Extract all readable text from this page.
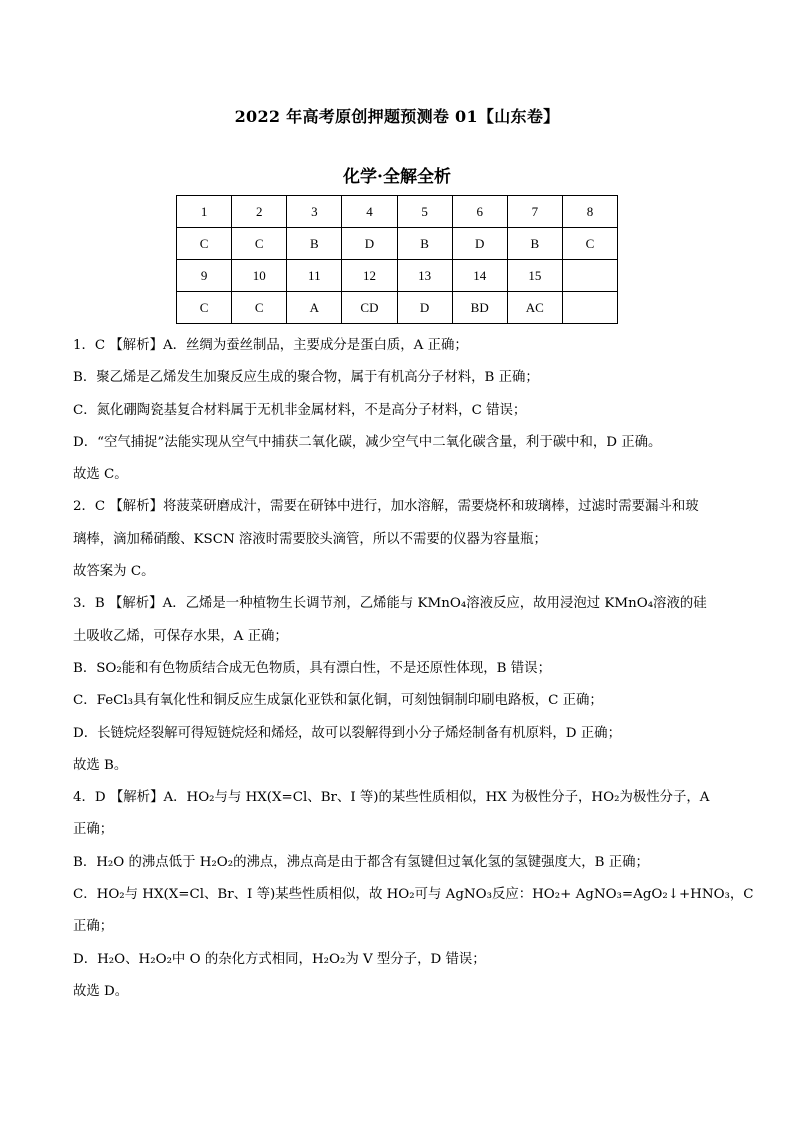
2022 年高考原创押题预测卷 01【山东卷】
化学·全解全析
1	2	3	4	5	6	7	8
C	C	B	D	B	D	B	C
9	10	11	12	13	14	15	
C	C	A	CD	D	BD	AC	

1．C 【解析】A．丝绸为蚕丝制品，主要成分是蛋白质，A 正确；

B．聚乙烯是乙烯发生加聚反应生成的聚合物，属于有机高分子材料，B 正确；

C．氮化硼陶瓷基复合材料属于无机非金属材料，不是高分子材料，C 错误；

D．“空气捕捉”法能实现从空气中捕获二氧化碳，减少空气中二氧化碳含量，利于碳中和，D 正确。

故选 C。

2．C 【解析】将菠菜研磨成汁，需要在研钵中进行，加水溶解，需要烧杯和玻璃棒，过滤时需要漏斗和玻

璃棒，滴加稀硝酸、KSCN 溶液时需要胶头滴管，所以不需要的仪器为容量瓶；

故答案为 C。

3．B 【解析】A．乙烯是一种植物生长调节剂，乙烯能与 KMnO₄溶液反应，故用浸泡过 KMnO₄溶液的硅

土吸收乙烯，可保存水果，A 正确；

B．SO₂能和有色物质结合成无色物质，具有漂白性，不是还原性体现，B 错误；

C．FeCl₃具有氧化性和铜反应生成氯化亚铁和氯化铜，可刻蚀铜制印刷电路板，C 正确；

D．长链烷烃裂解可得短链烷烃和烯烃，故可以裂解得到小分子烯烃制备有机原料，D 正确；

故选 B。

4．D 【解析】A．HO₂与与 HX(X=Cl、Br、I 等)的某些性质相似，HX 为极性分子，HO₂为极性分子，A

正确；

B．H₂O 的沸点低于 H₂O₂的沸点，沸点高是由于都含有氢键但过氧化氢的氢键强度大，B 正确；

C．HO₂与 HX(X=Cl、Br、I 等)某些性质相似，故 HO₂可与 AgNO₃反应：HO₂+ AgNO₃=AgO₂↓+HNO₃，C

正确；

D．H₂O、H₂O₂中 O 的杂化方式相同，H₂O₂为 V 型分子，D 错误；

故选 D。
